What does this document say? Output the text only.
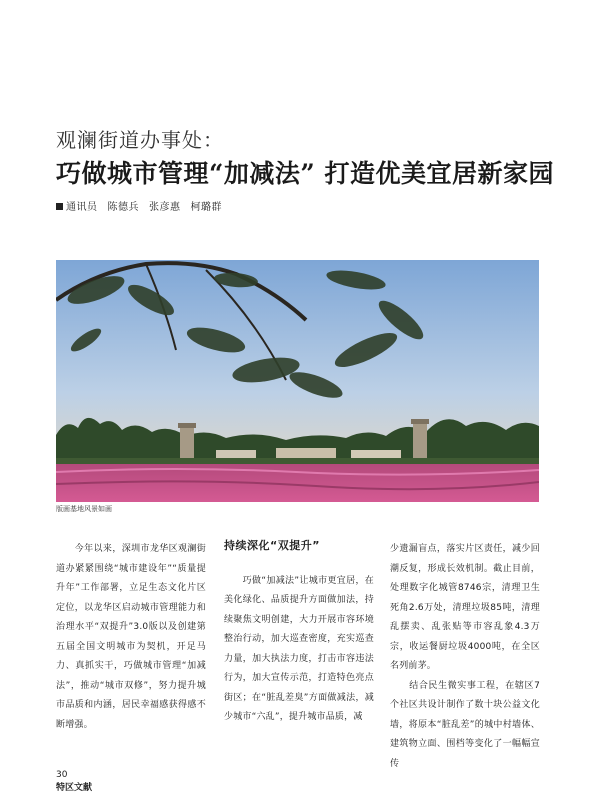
观澜街道办事处：
巧做城市管理“加减法” 打造优美宜居新家园
通讯员 陈德兵 张彦惠 柯璐群
版画基地风景如画

　　今年以来，深圳市龙华区观澜街道办紧紧围绕“城市建设年”“质量提升年”工作部署，立足生态文化片区定位，以龙华区启动城市管理能力和治理水平“双提升”3.0版以及创建第五届全国文明城市为契机，开足马力、真抓实干，巧做城市管理“加减法”，推动“城市双修”，努力提升城市品质和内涵，居民幸福感获得感不断增强。

持续深化“双提升”

　　巧做“加减法”让城市更宜居，在美化绿化、品质提升方面做加法，持续聚焦文明创建，大力开展市容环境整治行动，加大巡查密度，充实巡查力量，加大执法力度，打击市容违法行为，加大宣传示范，打造特色亮点街区；在“脏乱差臭”方面做减法，减少城市“六乱”，提升城市品质，减

少遗漏盲点，落实片区责任，减少回潮反复，形成长效机制。截止目前，处理数字化城管8746宗，清理卫生死角2.6万处，清理垃圾85吨，清理乱摆卖、乱张贴等市容乱象4.3万宗，收运餐厨垃圾4000吨，在全区名列前茅。
　　结合民生微实事工程，在辖区7个社区共设计制作了数十块公益文化墙，将原本“脏乱差”的城中村墙体、建筑物立面、围档等变化了一幅幅宣传

30
特区文献
